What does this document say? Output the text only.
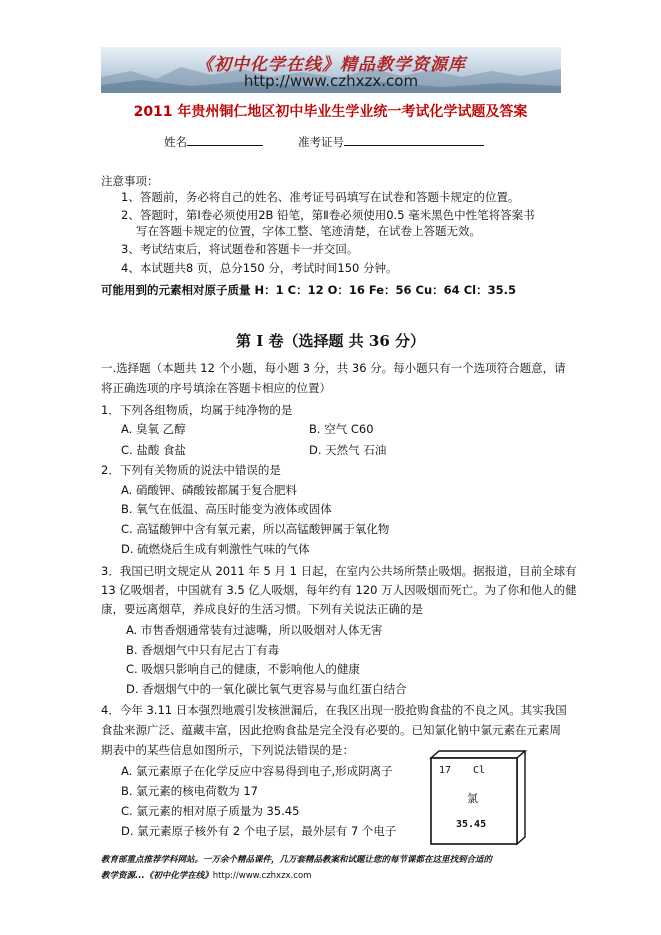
《初中化学在线》精品教学资源库
http://www.czhxzx.com
2011 年贵州铜仁地区初中毕业生学业统一考试化学试题及答案
姓名	准考证号
注意事项：
1、答题前，务必将自己的姓名、准考证号码填写在试卷和答题卡规定的位置。
2、答题时，第Ⅰ卷必须使用2B 铅笔，第Ⅱ卷必须使用0.5 毫米黑色中性笔将答案书
写在答题卡规定的位置，字体工整、笔迹清楚，在试卷上答题无效。
3、考试结束后，将试题卷和答题卡一并交回。
4、本试题共8 页，总分150 分，考试时间150 分钟。
可能用到的元素相对原子质量 H：1 C：12 O：16 Fe：56 Cu：64 Cl：35.5
第 I 卷（选择题 共 36 分）
一.选择题（本题共 12 个小题，每小题 3 分，共 36 分。每小题只有一个选项符合题意，请
将正确选项的序号填涂在答题卡相应的位置）
1．下列各组物质，均属于纯净物的是
A. 臭氧 乙醇	B. 空气 C60
C. 盐酸 食盐	D. 天然气 石油
2．下列有关物质的说法中错误的是
A. 硝酸钾、磷酸铵都属于复合肥料
B. 氧气在低温、高压时能变为液体或固体
C. 高锰酸钾中含有氧元素，所以高锰酸钾属于氧化物
D. 硫燃烧后生成有刺激性气味的气体
3．我国已明文规定从 2011 年 5 月 1 日起，在室内公共场所禁止吸烟。据报道，目前全球有
13 亿吸烟者，中国就有 3.5 亿人吸烟，每年约有 120 万人因吸烟而死亡。为了你和他人的健
康，要远离烟草，养成良好的生活习惯。下列有关说法正确的是
A. 市售香烟通常装有过滤嘴，所以吸烟对人体无害
B. 香烟烟气中只有尼古丁有毒
C. 吸烟只影响自己的健康，不影响他人的健康
D. 香烟烟气中的一氧化碳比氧气更容易与血红蛋白结合
4．今年 3.11 日本强烈地震引发核泄漏后，在我区出现一股抢购食盐的不良之风。其实我国
食盐来源广泛、蕴藏丰富，因此抢购食盐是完全没有必要的。已知氯化钠中氯元素在元素周
期表中的某些信息如图所示，下列说法错误的是：
A. 氯元素原子在化学反应中容易得到电子,形成阴离子
B. 氯元素的核电荷数为 17
C. 氯元素的相对原子质量为 35.45
D. 氯元素原子核外有 2 个电子层，最外层有 7 个电子
17 Cl
氯
35.45
教育部重点推荐学科网站。一万余个精品课件，几万套精品教案和试题让您的每节课都在这里找到合适的
教学资源...《初中化学在线》http://www.czhxzx.com
